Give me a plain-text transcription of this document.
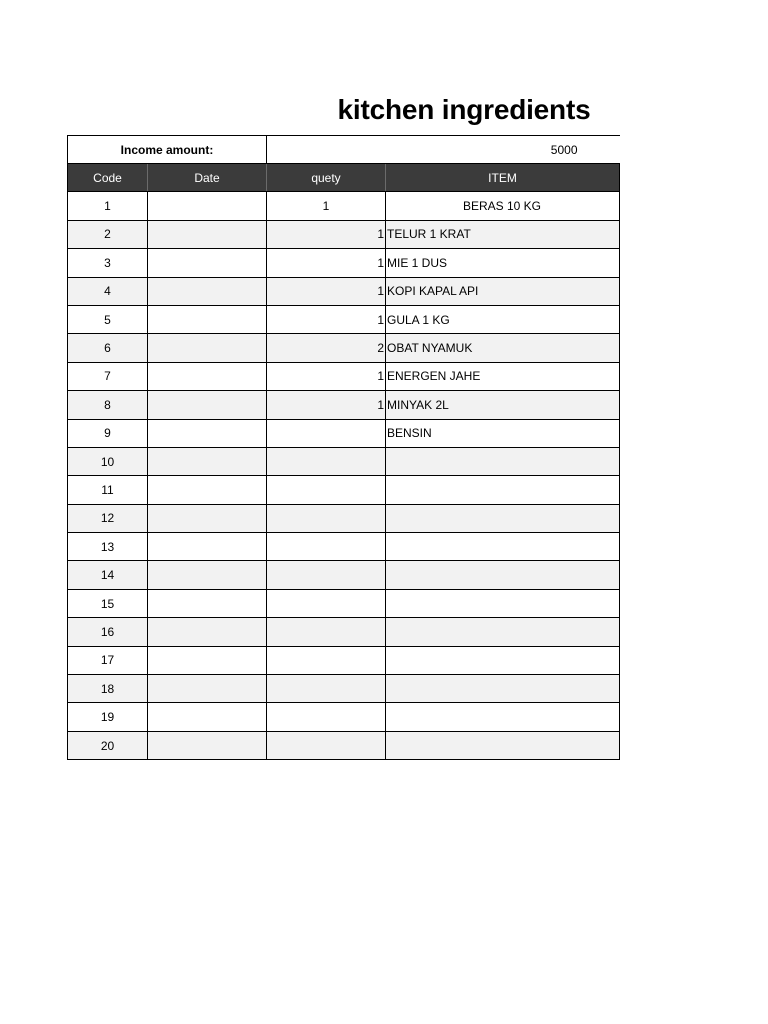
kitchen ingredients
Income amount:		5000	
Code	Date	quety	ITEM
1		1	BERAS 10 KG
2		1	TELUR 1 KRAT
3		1	MIE 1 DUS
4		1	KOPI KAPAL API
5		1	GULA 1 KG
6		2	OBAT NYAMUK
7		1	ENERGEN JAHE
8		1	MINYAK 2L
9			BENSIN
10			
11			
12			
13			
14			
15			
16			
17			
18			
19			
20			
